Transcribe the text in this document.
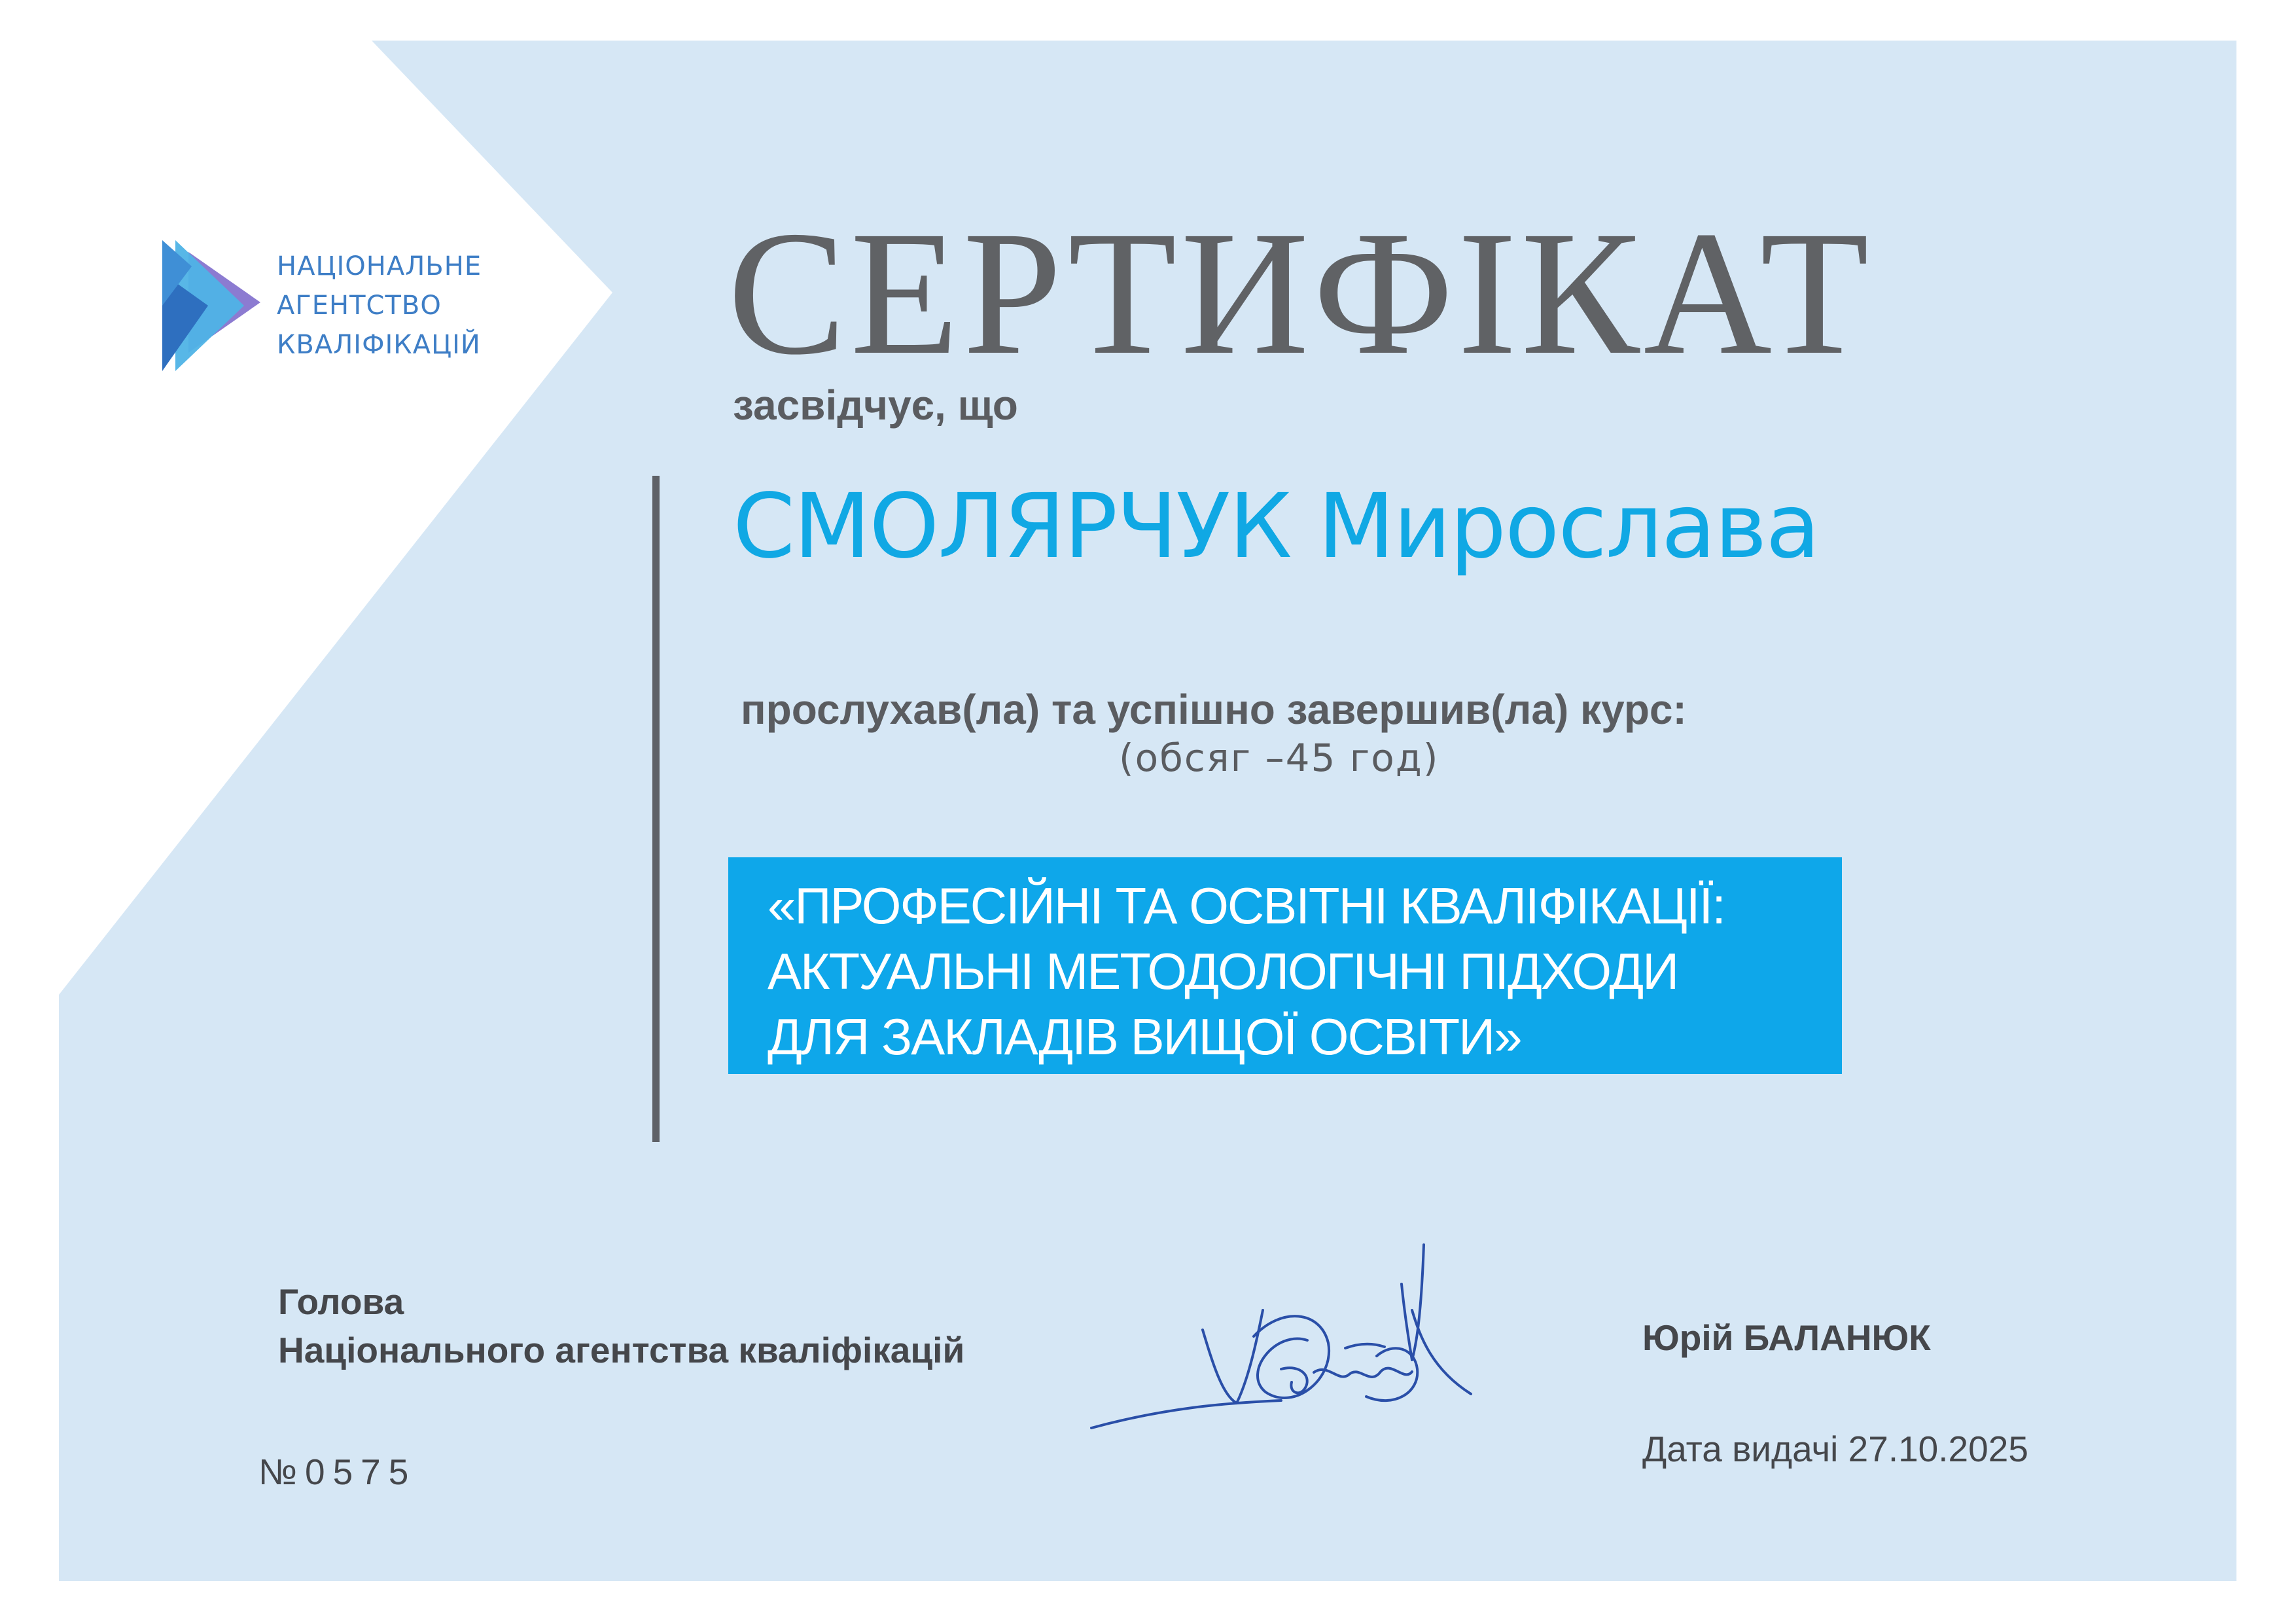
НАЦІОНАЛЬНЕ
АГЕНТСТВО
КВАЛІФІКАЦІЙ СЕРТИФІКАТ
засвідчує, що
СМОЛЯРЧУК Мирослава
прослухав(ла) та успішно завершив(ла) курс:
(обсяг –45 год)
«ПРОФЕСІЙНІ ТА ОСВІТНІ КВАЛІФІКАЦІЇ:
АКТУАЛЬНІ МЕТОДОЛОГІЧНІ ПІДХОДИ
ДЛЯ ЗАКЛАДІВ ВИЩОЇ ОСВІТИ»
Голова
Національного агентства кваліфікацій	Юрій БАЛАНЮК
Дата видачі 27.10.2025
№0575
